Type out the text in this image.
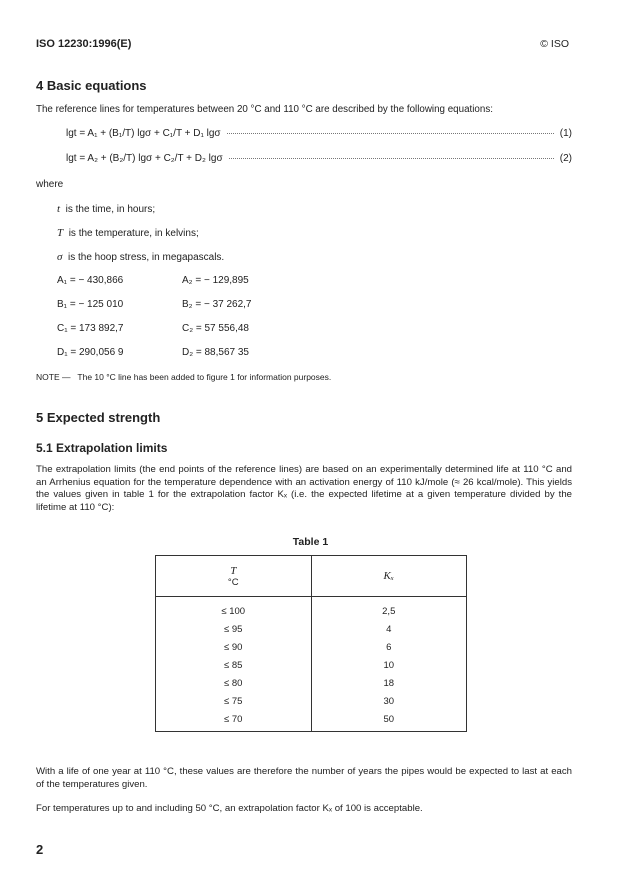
ISO 12230:1996(E)	© ISO
4 Basic equations
The reference lines for temperatures between 20 °C and 110 °C are described by the following equations:
lgt = A₁ + (B₁/T) lgσ + C₁/T + D₁ lgσ	(1)
lgt = A₂ + (B₂/T) lgσ + C₂/T + D₂ lgσ	(2)
where
t is the time, in hours;
T is the temperature, in kelvins;
σ is the hoop stress, in megapascals.
A₁ = − 430,866	A₂ = − 129,895
B₁ = − 125 010	B₂ = − 37 262,7
C₁ = 173 892,7	C₂ = 57 556,48
D₁ = 290,056 9	D₂ = 88,567 35
NOTE —   The 10 °C line has been added to figure 1 for information purposes.
5 Expected strength
5.1 Extrapolation limits
The extrapolation limits (the end points of the reference lines) are based on an experimentally determined life at 110 °C and an Arrhenius equation for the temperature dependence with an activation energy of 110 kJ/mole (≈ 26 kcal/mole). This yields the values given in table 1 for the extrapolation factor Kₓ (i.e. the expected lifetime at a given temperature divided by the lifetime at 110 °C):
Table 1
T
°C	Kₓ
≤ 100	2,5
≤ 95	4
≤ 90	6
≤ 85	10
≤ 80	18
≤ 75	30
≤ 70	50
With a life of one year at 110 °C, these values are therefore the number of years the pipes would be expected to last at each of the temperatures given.
For temperatures up to and including 50 °C, an extrapolation factor Kₓ of 100 is acceptable.
2
